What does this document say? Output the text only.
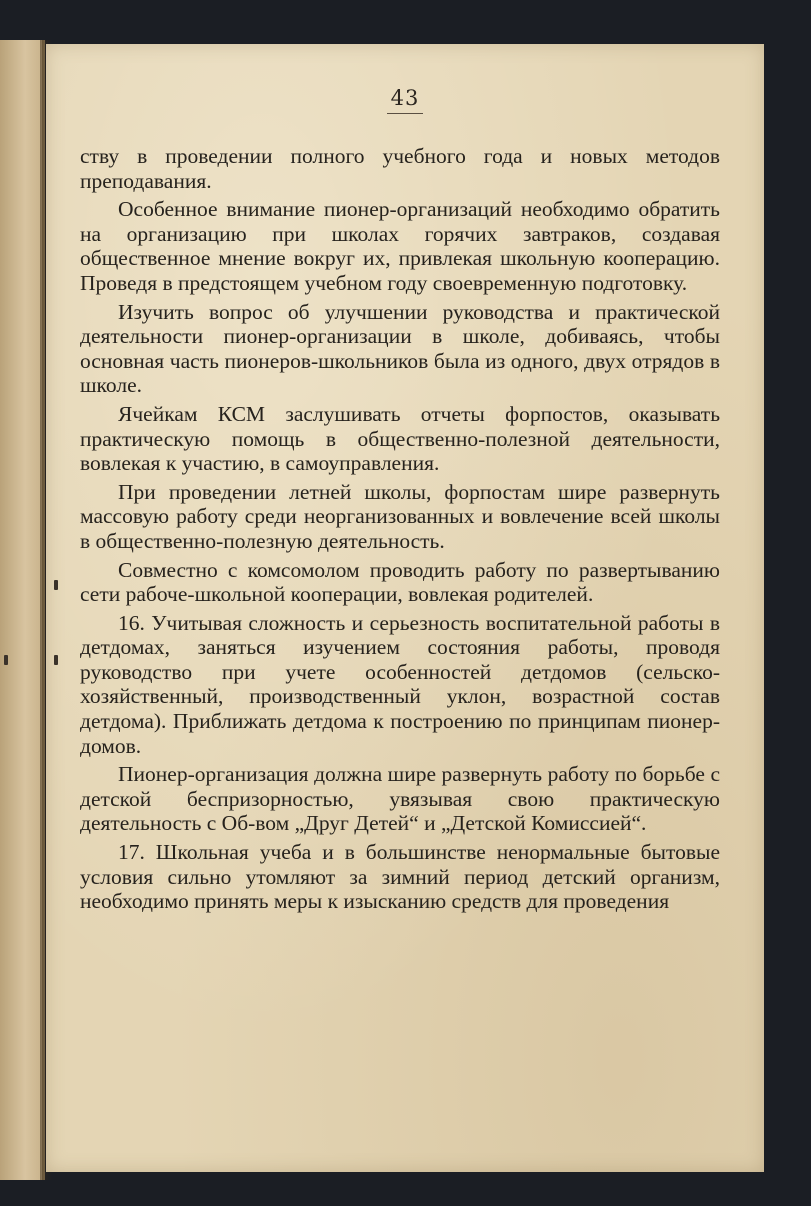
43

ству в проведении полного учебного года и новых методов преподавания.

Особенное внимание пионер-организаций необходимо обратить на организацию при школах горячих завтраков, создавая общественное мнение вокруг их, привлекая школьную кооперацию. Проведя в предстоящем учебном году своевременную подготовку.

Изучить вопрос об улучшении руководства и практической деятельности пионер-организации в школе, добиваясь, чтобы основная часть пионеров-школьников была из одного, двух отрядов в школе.

Ячейкам КСМ заслушивать отчеты форпостов, оказывать практическую помощь в общественно-полезной деятельности, вовлекая к участию, в самоуправления.

При проведении летней школы, форпостам шире развернуть массовую работу среди неорганизованных и вовлечение всей школы в общественно-полезную деятельность.

Совместно с комсомолом проводить работу по развертыванию сети рабоче-школьной кооперации, вовлекая родителей.

16. Учитывая сложность и серьезность воспитательной работы в детдомах, заняться изучением состояния работы, проводя руководство при учете особенностей детдомов (сельско-хозяйственный, производственный уклон, возрастной состав детдома). Приближать детдома к построению по принципам пионер-домов.

Пионер-организация должна шире развернуть работу по борьбе с детской беспризорностью, увязывая свою практическую деятельность с Об-вом „Друг Детей“ и „Детской Комиссией“.

17. Школьная учеба и в большинстве ненормальные бытовые условия сильно утомляют за зимний период детский организм, необходимо принять меры к изысканию средств для проведения
